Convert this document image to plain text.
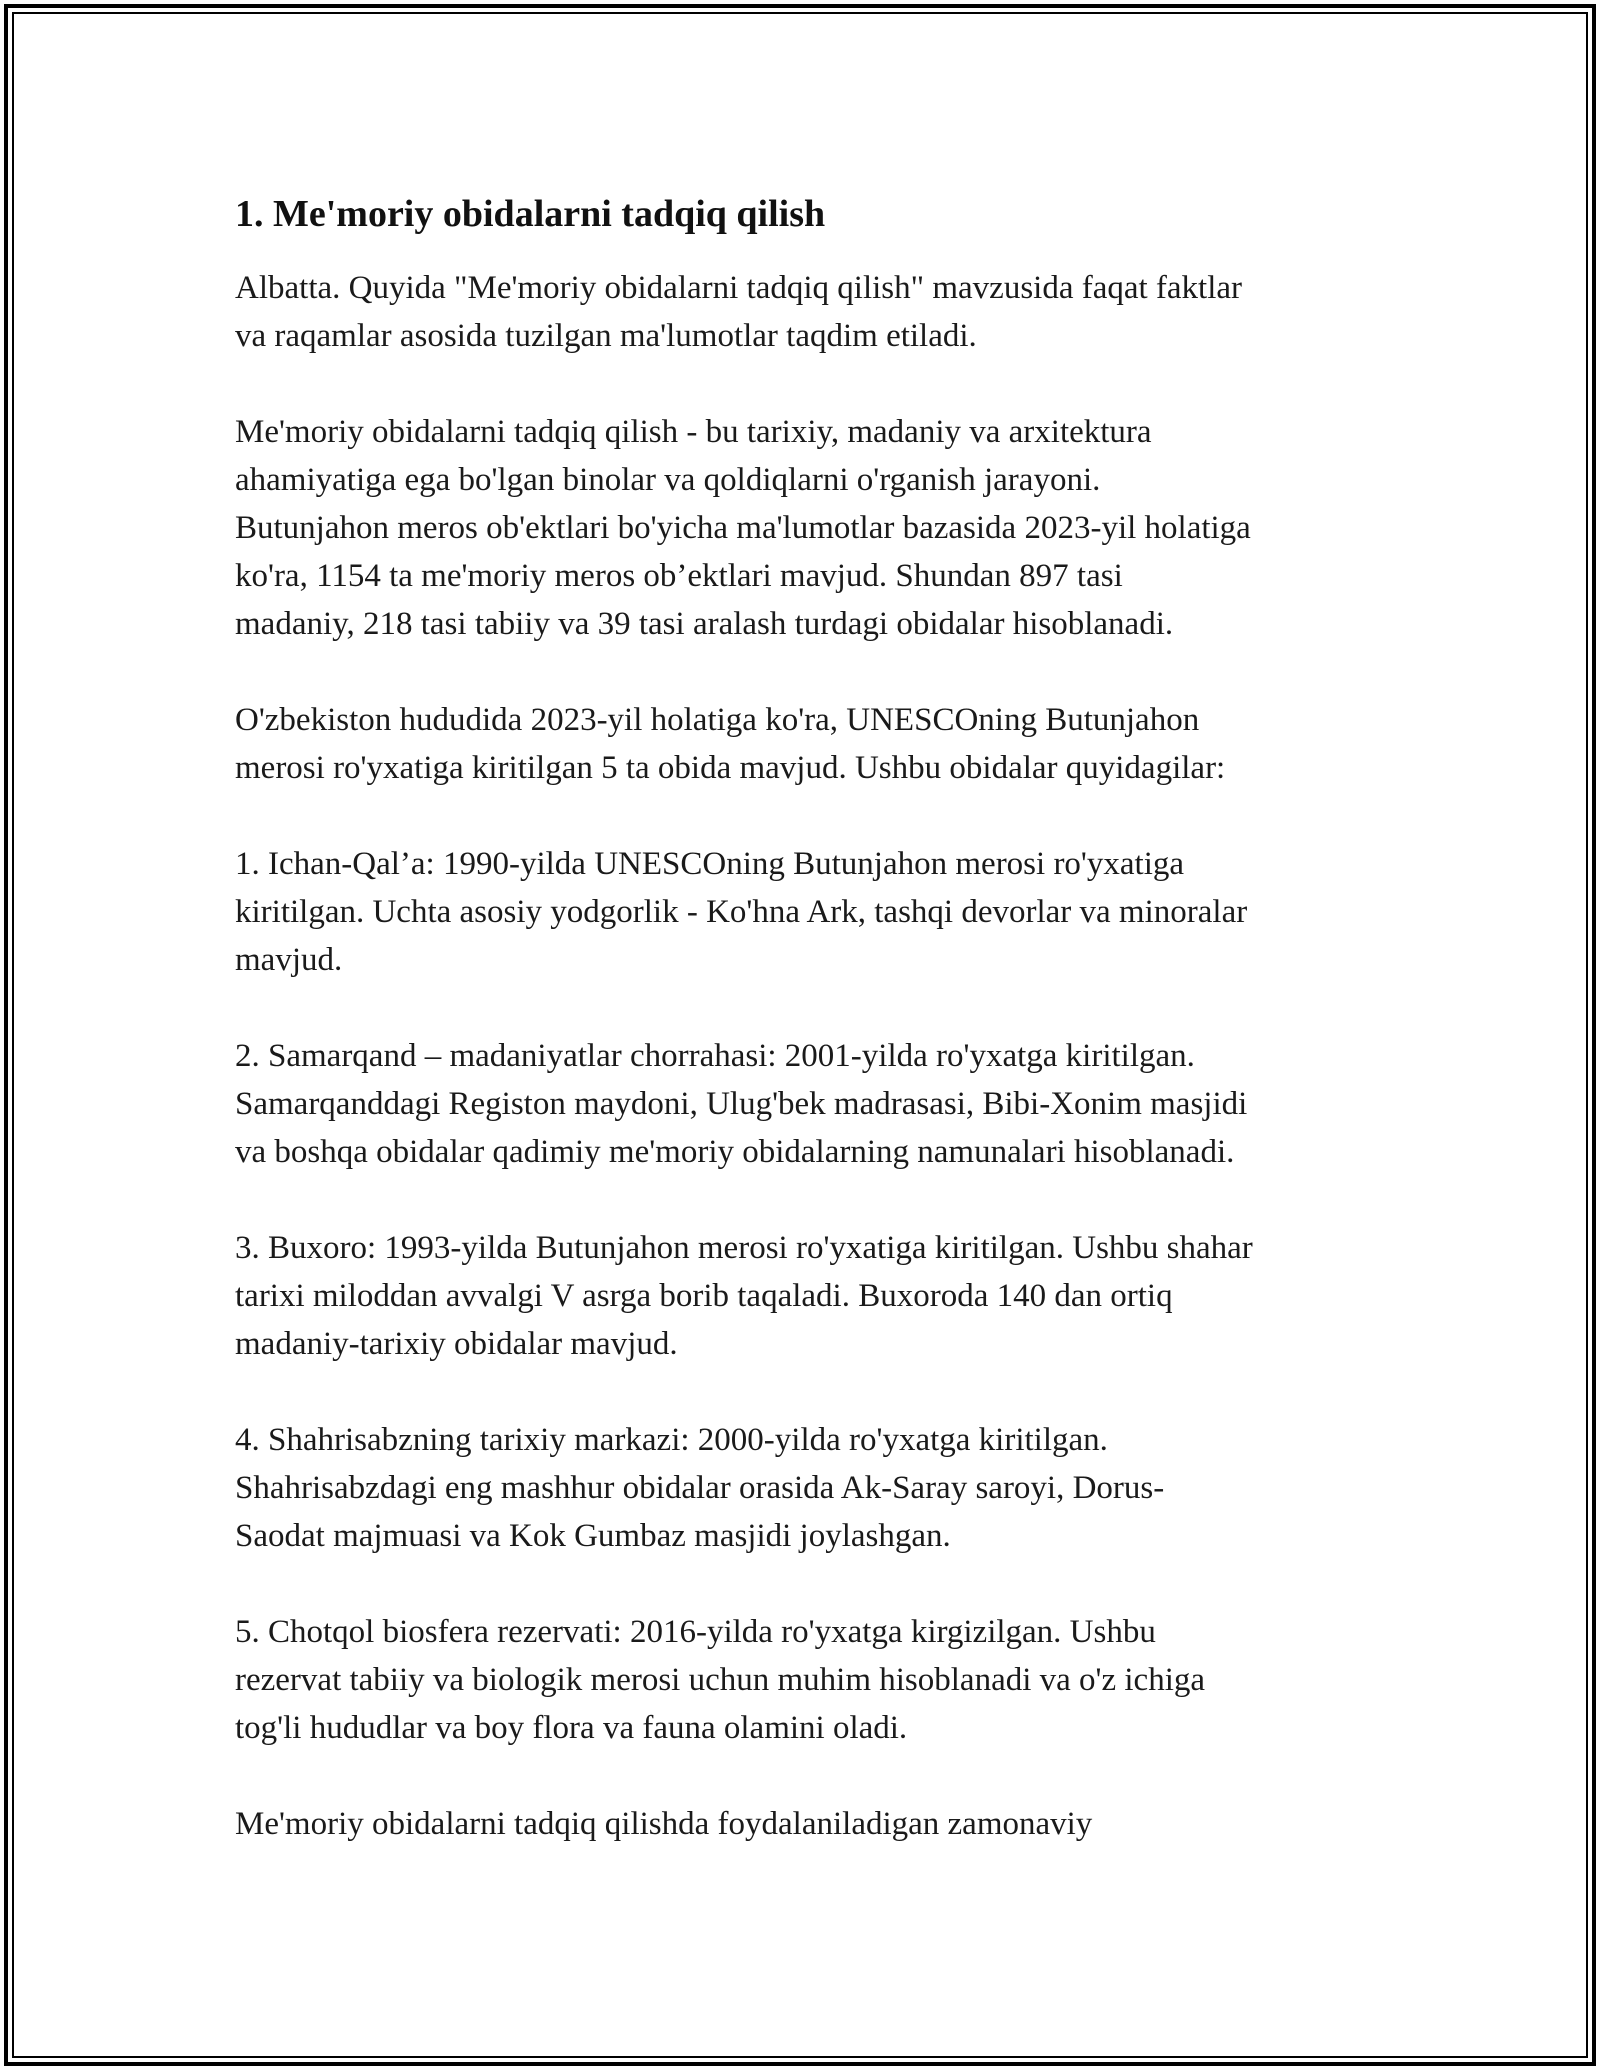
1. Me'moriy obidalarni tadqiq qilish

Albatta. Quyida "Me'moriy obidalarni tadqiq qilish" mavzusida faqat faktlar
va raqamlar asosida tuzilgan ma'lumotlar taqdim etiladi.

Me'moriy obidalarni tadqiq qilish - bu tarixiy, madaniy va arxitektura
ahamiyatiga ega bo'lgan binolar va qoldiqlarni o'rganish jarayoni.
Butunjahon meros ob'ektlari bo'yicha ma'lumotlar bazasida 2023-yil holatiga
ko'ra, 1154 ta me'moriy meros ob’ektlari mavjud. Shundan 897 tasi
madaniy, 218 tasi tabiiy va 39 tasi aralash turdagi obidalar hisoblanadi.

O'zbekiston hududida 2023-yil holatiga ko'ra, UNESCOning Butunjahon
merosi ro'yxatiga kiritilgan 5 ta obida mavjud. Ushbu obidalar quyidagilar:

1. Ichan-Qal’a: 1990-yilda UNESCOning Butunjahon merosi ro'yxatiga
kiritilgan. Uchta asosiy yodgorlik - Ko'hna Ark, tashqi devorlar va minoralar
mavjud.

2. Samarqand – madaniyatlar chorrahasi: 2001-yilda ro'yxatga kiritilgan.
Samarqanddagi Registon maydoni, Ulug'bek madrasasi, Bibi-Xonim masjidi
va boshqa obidalar qadimiy me'moriy obidalarning namunalari hisoblanadi.

3. Buxoro: 1993-yilda Butunjahon merosi ro'yxatiga kiritilgan. Ushbu shahar
tarixi miloddan avvalgi V asrga borib taqaladi. Buxoroda 140 dan ortiq
madaniy-tarixiy obidalar mavjud.

4. Shahrisabzning tarixiy markazi: 2000-yilda ro'yxatga kiritilgan.
Shahrisabzdagi eng mashhur obidalar orasida Ak-Saray saroyi, Dorus-
Saodat majmuasi va Kok Gumbaz masjidi joylashgan.

5. Chotqol biosfera rezervati: 2016-yilda ro'yxatga kirgizilgan. Ushbu
rezervat tabiiy va biologik merosi uchun muhim hisoblanadi va o'z ichiga
tog'li hududlar va boy flora va fauna olamini oladi.

Me'moriy obidalarni tadqiq qilishda foydalaniladigan zamonaviy
